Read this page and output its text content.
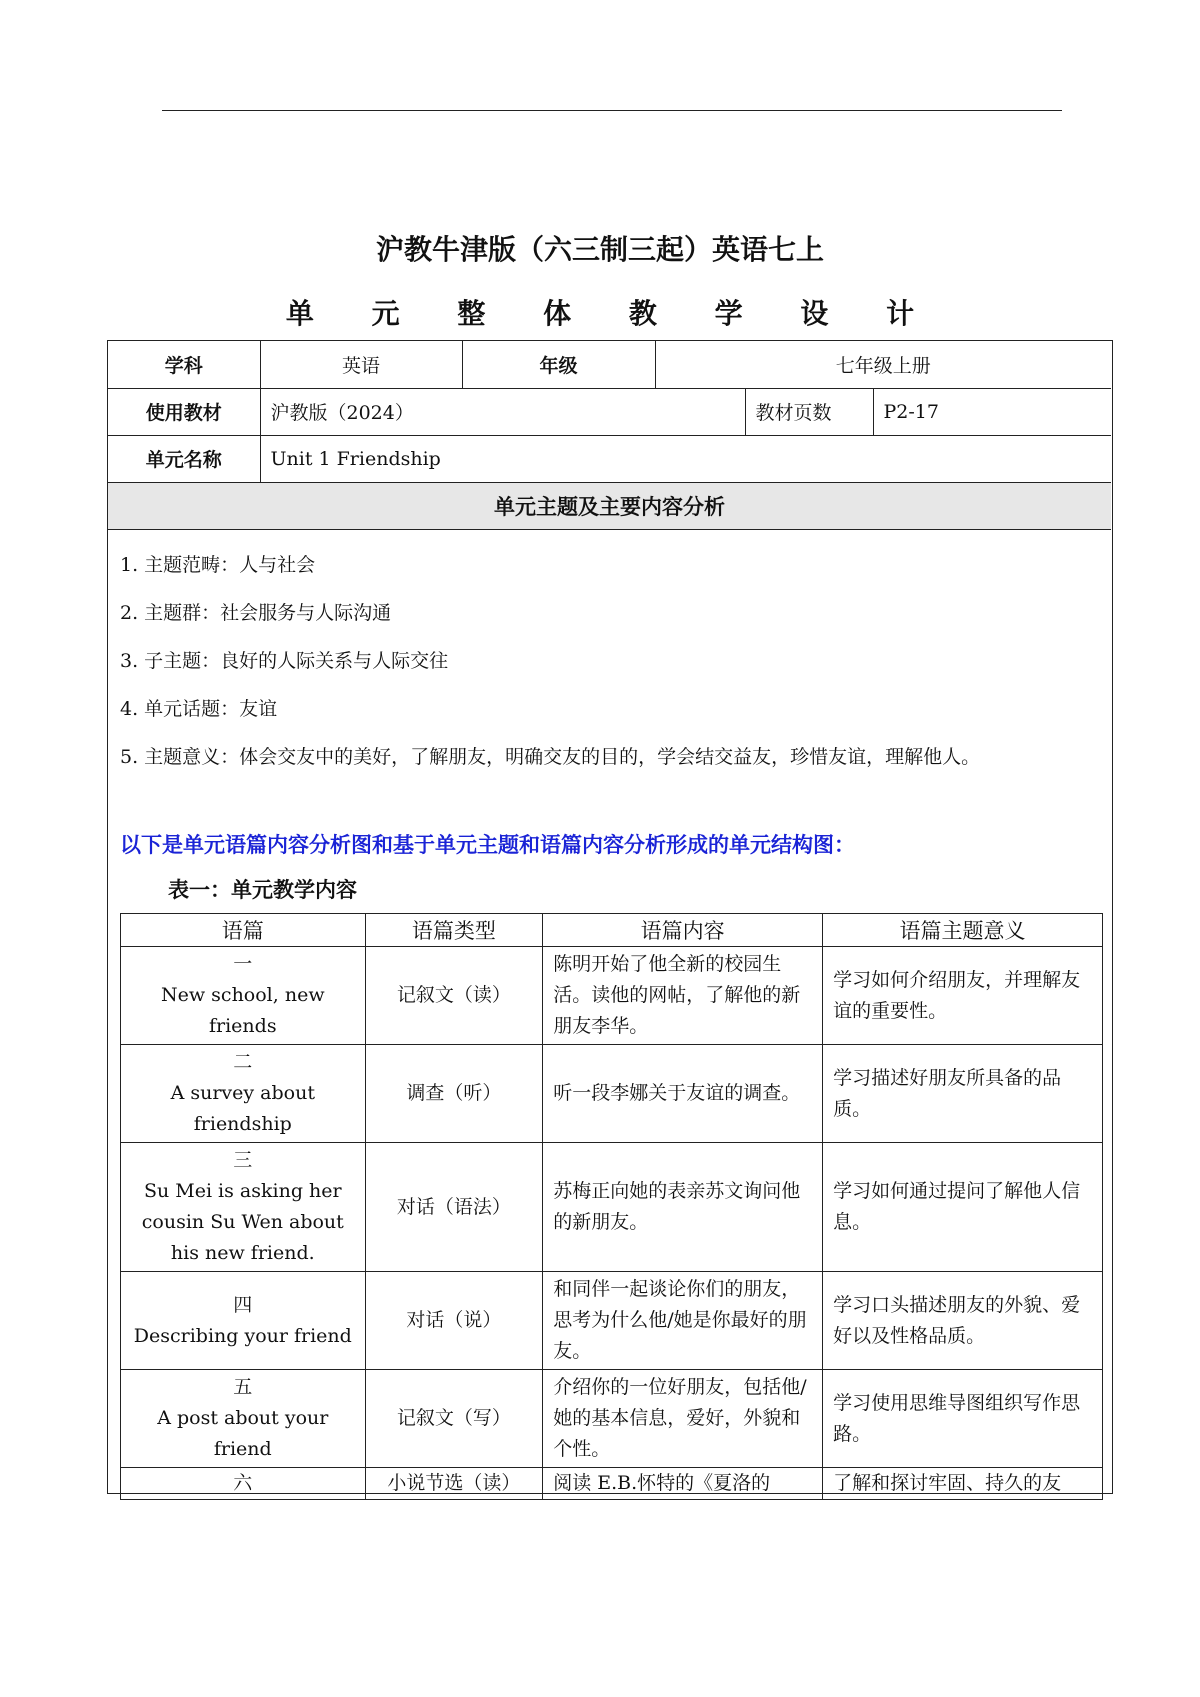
沪教牛津版（六三制三起）英语七上
单 元 整 体 教 学 设 计
学科	英语	年级	七年级上册		
使用教材	沪教版（2024）			教材页数	P2-17
单元名称	Unit 1 Friendship				
单元主题及主要内容分析					
1. 主题范畴：人与社会
2. 主题群：社会服务与人际沟通
3. 子主题：良好的人际关系与人际交往
4. 单元话题：友谊
5. 主题意义：体会交友中的美好，了解朋友，明确交友的目的，学会结交益友，珍惜友谊，理解他人。
以下是单元语篇内容分析图和基于单元主题和语篇内容分析形成的单元结构图：
表一：单元教学内容
语篇	语篇类型	语篇内容	语篇主题意义

一
New school, new friends	记叙文（读）	陈明开始了他全新的校园生活。读他的网帖，了解他的新朋友李华。	学习如何介绍朋友，并理解友谊的重要性。

二
A survey about friendship	调查（听）	听一段李娜关于友谊的调查。	学习描述好朋友所具备的品质。

三
Su Mei is asking her cousin Su Wen about his new friend.	对话（语法）	苏梅正向她的表亲苏文询问他的新朋友。	学习如何通过提问了解他人信息。

四
Describing your friend	对话（说）	和同伴一起谈论你们的朋友，思考为什么他/她是你最好的朋友。	学习口头描述朋友的外貌、爱好以及性格品质。

五
A post about your friend	记叙文（写）	介绍你的一位好朋友，包括他/她的基本信息，爱好，外貌和个性。	学习使用思维导图组织写作思路。
六	小说节选（读）	阅读 E.B.怀特的《夏洛的	了解和探讨牢固、持久的友
